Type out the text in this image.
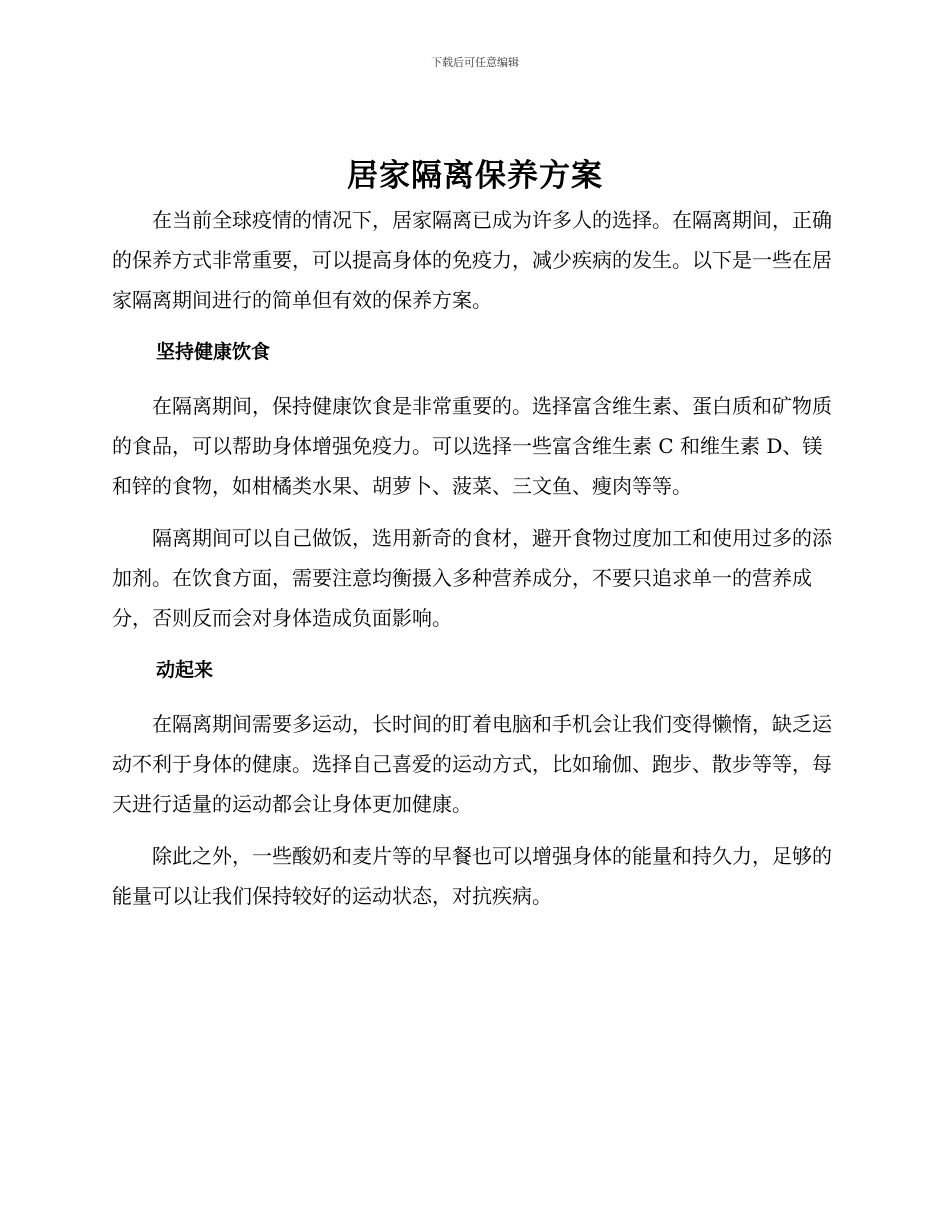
下载后可任意编辑
居家隔离保养方案

在当前全球疫情的情况下，居家隔离已成为许多人的选择。在隔离期间，正确的保养方式非常重要，可以提高身体的免疫力，减少疾病的发生。以下是一些在居家隔离期间进行的简单但有效的保养方案。

坚持健康饮食

在隔离期间，保持健康饮食是非常重要的。选择富含维生素、蛋白质和矿物质的食品，可以帮助身体增强免疫力。可以选择一些富含维生素 C 和维生素 D、镁和锌的食物，如柑橘类水果、胡萝卜、菠菜、三文鱼、瘦肉等等。

隔离期间可以自己做饭，选用新奇的食材，避开食物过度加工和使用过多的添加剂。在饮食方面，需要注意均衡摄入多种营养成分，不要只追求单一的营养成分，否则反而会对身体造成负面影响。

动起来

在隔离期间需要多运动，长时间的盯着电脑和手机会让我们变得懒惰，缺乏运动不利于身体的健康。选择自己喜爱的运动方式，比如瑜伽、跑步、散步等等，每天进行适量的运动都会让身体更加健康。

除此之外，一些酸奶和麦片等的早餐也可以增强身体的能量和持久力，足够的能量可以让我们保持较好的运动状态，对抗疾病。
